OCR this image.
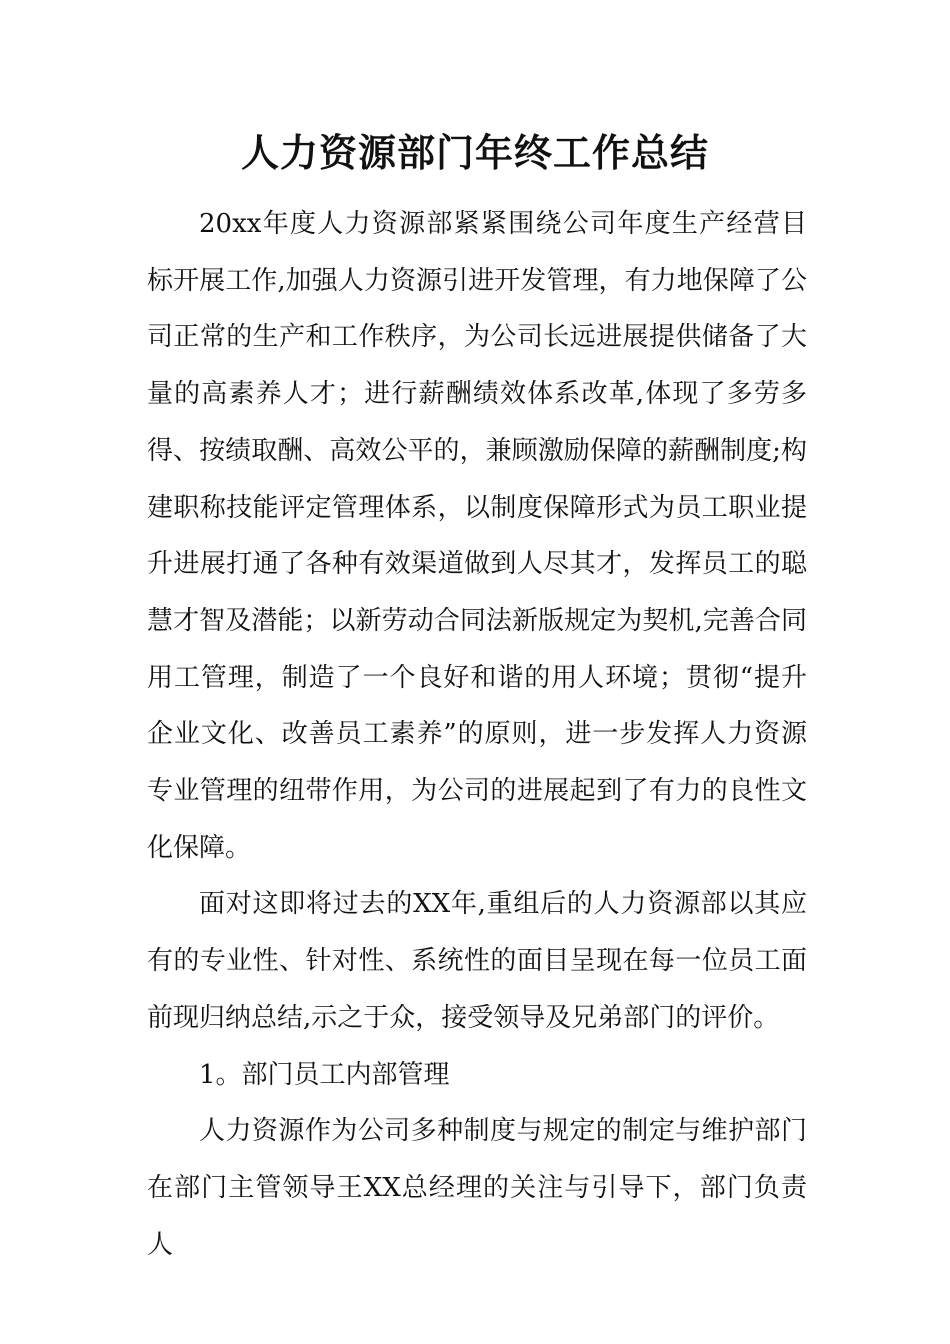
人力资源部门年终工作总结

20xx年度人力资源部紧紧围绕公司年度生产经营目标开展工作,加强人力资源引进开发管理，有力地保障了公司正常的生产和工作秩序，为公司长远进展提供储备了大量的高素养人才；进行薪酬绩效体系改革,体现了多劳多得、按绩取酬、高效公平的，兼顾激励保障的薪酬制度;构建职称技能评定管理体系，以制度保障形式为员工职业提升进展打通了各种有效渠道做到人尽其才，发挥员工的聪慧才智及潜能；以新劳动合同法新版规定为契机,完善合同用工管理，制造了一个良好和谐的用人环境；贯彻“提升企业文化、改善员工素养”的原则，进一步发挥人力资源专业管理的纽带作用，为公司的进展起到了有力的良性文化保障。

面对这即将过去的XX年,重组后的人力资源部以其应有的专业性、针对性、系统性的面目呈现在每一位员工面前现归纳总结,示之于众，接受领导及兄弟部门的评价。

1。部门员工内部管理

人力资源作为公司多种制度与规定的制定与维护部门在部门主管领导王XX总经理的关注与引导下，部门负责人
